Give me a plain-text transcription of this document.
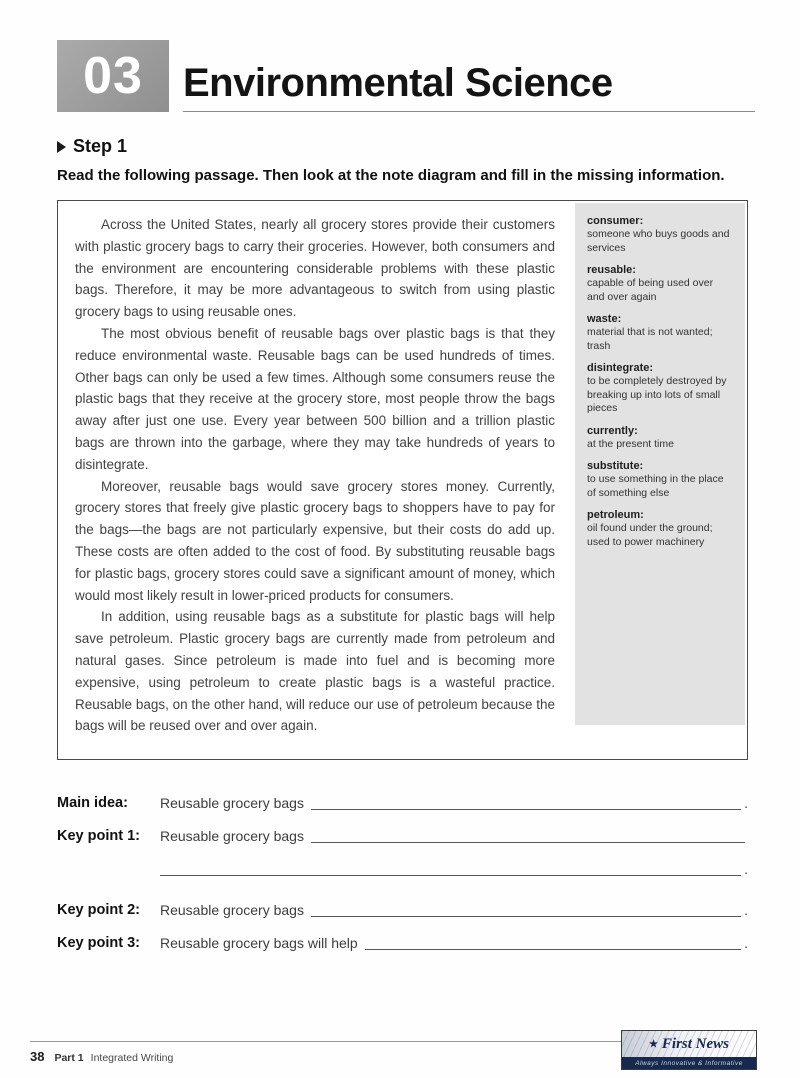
03	Environmental Science
Step 1

Read the following passage. Then look at the note diagram and fill in the missing information.

Across the United States, nearly all grocery stores provide their customers with plastic grocery bags to carry their groceries. However, both consumers and the environment are encountering considerable problems with these plastic bags. Therefore, it may be more advantageous to switch from using plastic grocery bags to using reusable ones.

The most obvious benefit of reusable bags over plastic bags is that they reduce environmental waste. Reusable bags can be used hundreds of times. Other bags can only be used a few times. Although some consumers reuse the plastic bags that they receive at the grocery store, most people throw the bags away after just one use. Every year between 500 billion and a trillion plastic bags are thrown into the garbage, where they may take hundreds of years to disintegrate.

Moreover, reusable bags would save grocery stores money. Currently, grocery stores that freely give plastic grocery bags to shoppers have to pay for the bags—the bags are not particularly expensive, but their costs do add up. These costs are often added to the cost of food. By substituting reusable bags for plastic bags, grocery stores could save a significant amount of money, which would most likely result in lower-priced products for consumers.

In addition, using reusable bags as a substitute for plastic bags will help save petroleum. Plastic grocery bags are currently made from petroleum and natural gases. Since petroleum is made into fuel and is becoming more expensive, using petroleum to create plastic bags is a wasteful practice. Reusable bags, on the other hand, will reduce our use of petroleum because the bags will be reused over and over again.

consumer:
someone who buys goods and services
reusable:
capable of being used over and over again
waste:
material that is not wanted; trash
disintegrate:
to be completely destroyed by breaking up into lots of small pieces
currently:
at the present time
substitute:
to use something in the place of something else
petroleum:
oil found under the ground; used to power machinery
Main idea:	Reusable grocery bags	.
Key point 1:	Reusable grocery bags
.
Key point 2:	Reusable grocery bags	.
Key point 3:	Reusable grocery bags will help	.
38 Part 1 Integrated Writing
★ First News
Always Innovative & Informative
